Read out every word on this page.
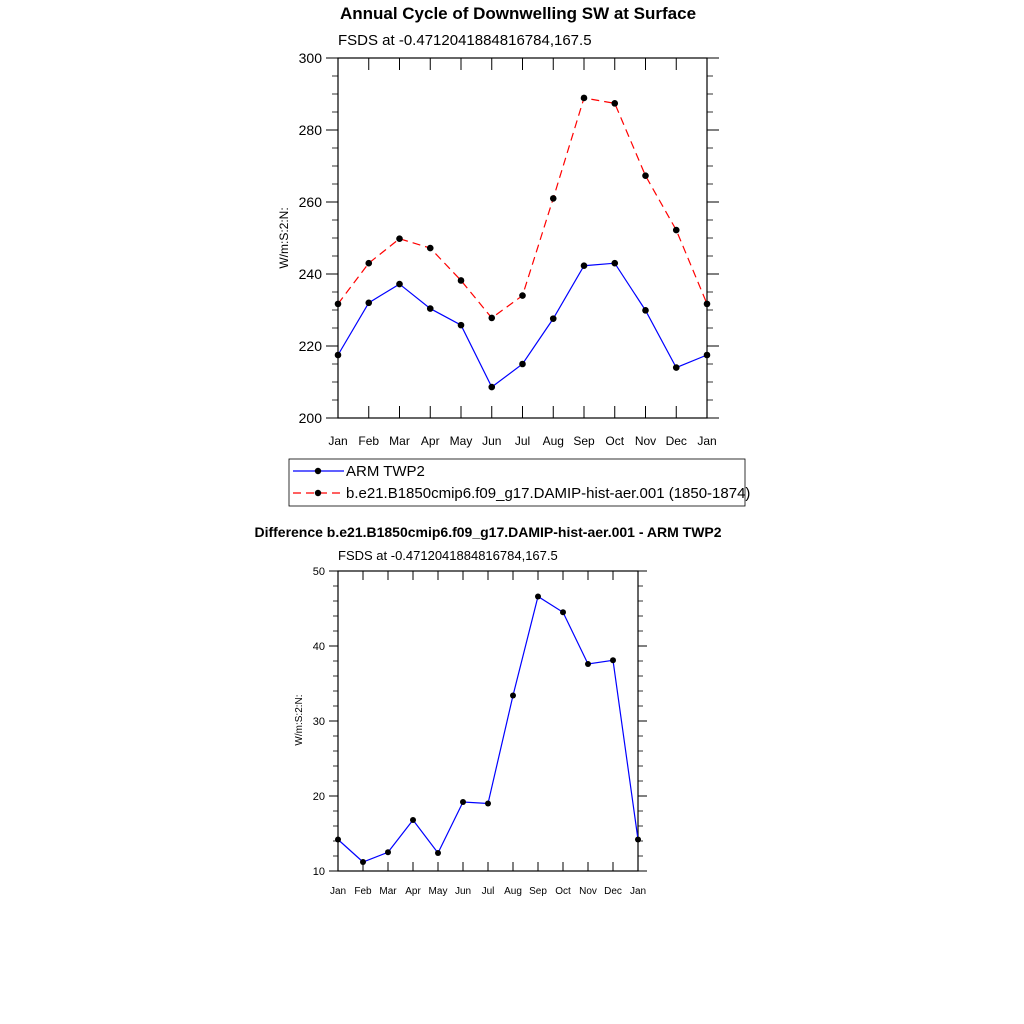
Annual Cycle of Downwelling SW at Surface
FSDS at -0.4712041884816784,167.5
W/m:S:2:N:
Jan Feb Mar Apr May Jun Jul Aug Sep Oct Nov Dec Jan
200
220
240
260
280
300
ARM TWP2
b.e21.B1850cmip6.f09_g17.DAMIP-hist-aer.001 (1850-1874)
Difference b.e21.B1850cmip6.f09_g17.DAMIP-hist-aer.001 - ARM TWP2
FSDS at -0.4712041884816784,167.5
W/m:S:2:N:
Jan Feb Mar Apr May Jun Jul Aug Sep Oct Nov Dec Jan
10
20
30
40
50
